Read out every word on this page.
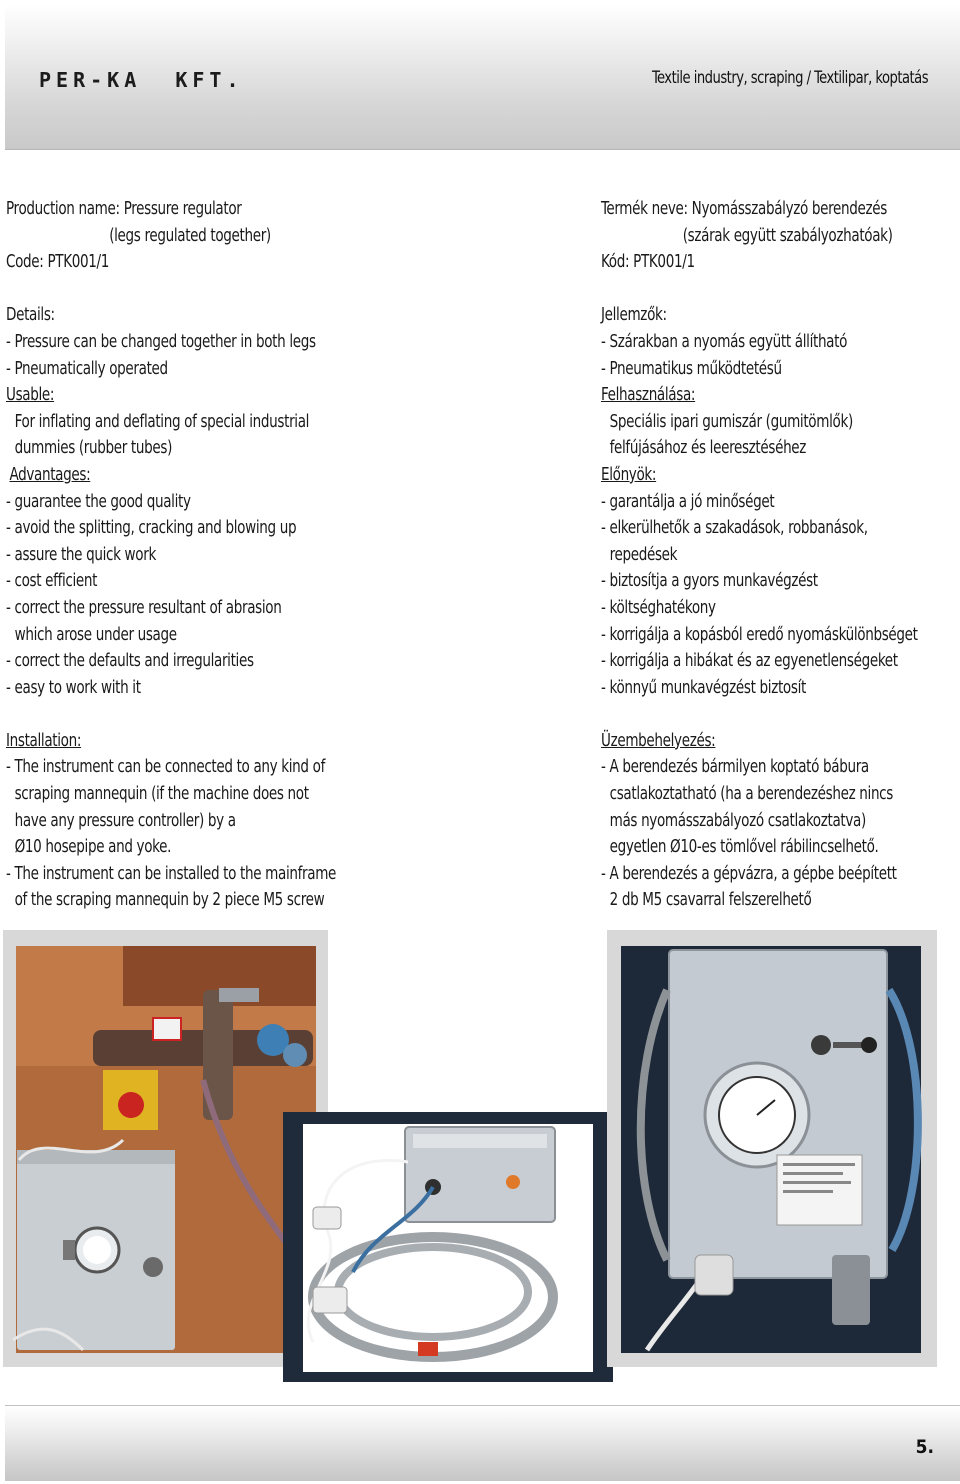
PER-KA  KFT.	Textile industry, scraping / Textilipar, koptatás
Production name: Pressure regulator
(legs regulated together)
Code: PTK001/1
Details:
- Pressure can be changed together in both legs
- Pneumatically operated
Usable:
For inflating and deflating of special industrial
dummies (rubber tubes)
Advantages:
- guarantee the good quality
- avoid the splitting, cracking and blowing up
- assure the quick work
- cost efficient
- correct the pressure resultant of abrasion
which arose under usage
- correct the defaults and irregularities
- easy to work with it
Installation:
- The instrument can be connected to any kind of
scraping mannequin (if the machine does not
have any pressure controller) by a
Ø10 hosepipe and yoke.
- The instrument can be installed to the mainframe
of the scraping mannequin by 2 piece M5 screw
Termék neve: Nyomásszabályzó berendezés
(szárak együtt szabályozhatóak)
Kód: PTK001/1
Jellemzők:
- Szárakban a nyomás együtt állítható
- Pneumatikus működtetésű
Felhasználása:
Speciális ipari gumiszár (gumitömlők)
felfújásához és leeresztéséhez
Előnyök:
- garantálja a jó minőséget
- elkerülhetők a szakadások, robbanások,
repedések
- biztosítja a gyors munkavégzést
- költséghatékony
- korrigálja a kopásból eredő nyomáskülönbséget
- korrigálja a hibákat és az egyenetlenségeket
- könnyű munkavégzést biztosít
Üzembehelyezés:
- A berendezés bármilyen koptató bábura
csatlakoztatható (ha a berendezéshez nincs
más nyomásszabályozó csatlakoztatva)
egyetlen Ø10-es tömlővel rábilincselhető.
- A berendezés a gépvázra, a gépbe beépített
2 db M5 csavarral felszerelhető
5.
